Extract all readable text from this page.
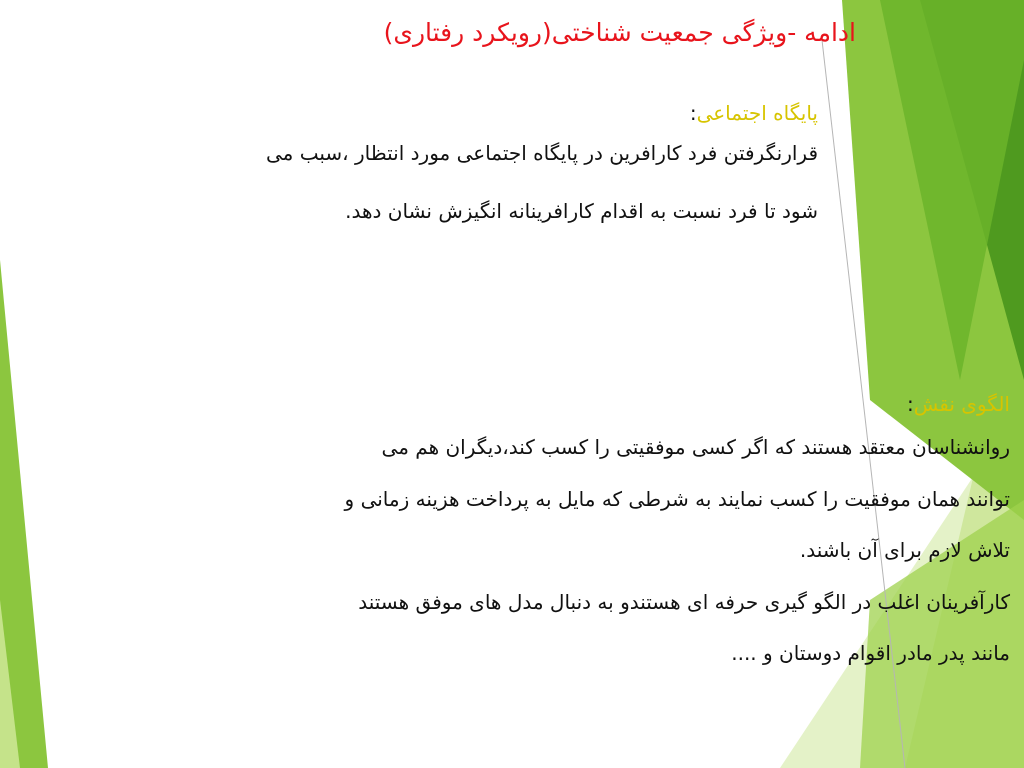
ادامه -ویژگی جمعیت شناختی(رویکرد رفتاری)
پایگاه اجتماعی:
قرارنگرفتن فرد کارافرین در پایگاه اجتماعی مورد انتظار ،سبب می
شود تا فرد نسبت به اقدام کارافرینانه انگیزش نشان دهد.
الگوی نقش:
روانشناسان معتقد هستند که اگر کسی موفقیتی را کسب کند،دیگران هم می
توانند همان موفقیت را کسب نمایند به شرطی که مایل به پرداخت هزینه زمانی و
تلاش لازم برای آن باشند.
کارآفرینان اغلب در الگو گیری حرفه ای هستندو به دنبال مدل های موفق هستند
مانند پدر مادر اقوام دوستان و ....
